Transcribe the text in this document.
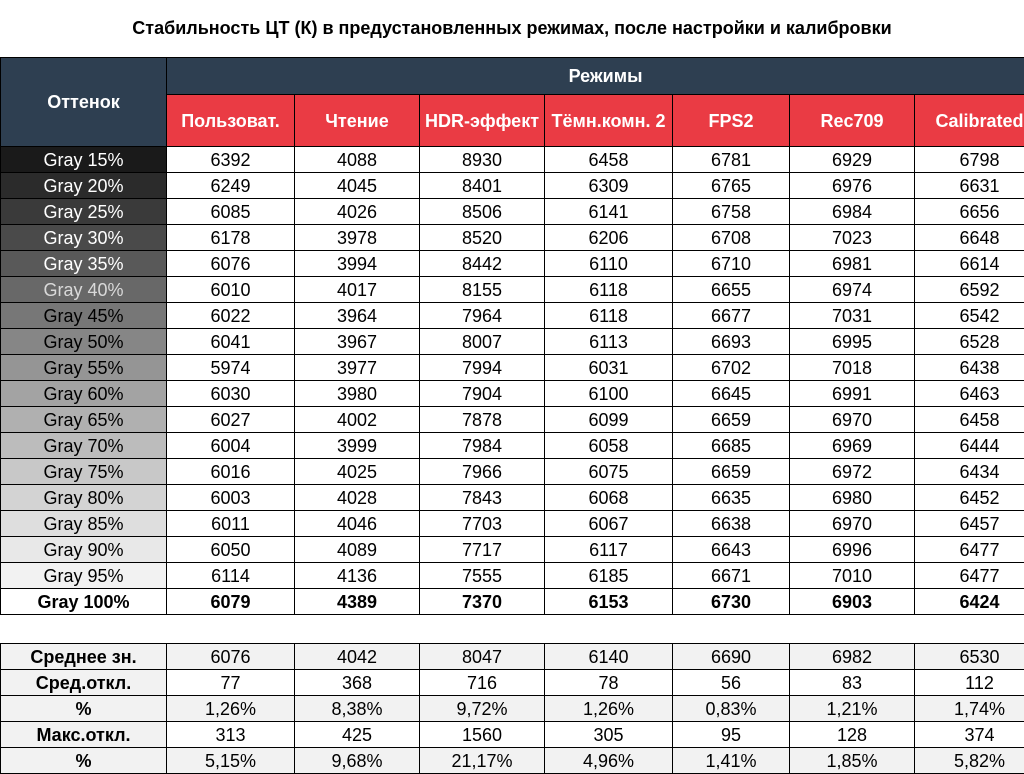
Стабильность ЦТ (К) в предустановленных режимах, после настройки и калибровки
Оттенок	Режимы						
	Пользоват.	Чтение	HDR-эффект	Тёмн.комн. 2	FPS2	Rec709	Calibrated
Gray 15%	6392	4088	8930	6458	6781	6929	6798
Gray 20%	6249	4045	8401	6309	6765	6976	6631
Gray 25%	6085	4026	8506	6141	6758	6984	6656
Gray 30%	6178	3978	8520	6206	6708	7023	6648
Gray 35%	6076	3994	8442	6110	6710	6981	6614
Gray 40%	6010	4017	8155	6118	6655	6974	6592
Gray 45%	6022	3964	7964	6118	6677	7031	6542
Gray 50%	6041	3967	8007	6113	6693	6995	6528
Gray 55%	5974	3977	7994	6031	6702	7018	6438
Gray 60%	6030	3980	7904	6100	6645	6991	6463
Gray 65%	6027	4002	7878	6099	6659	6970	6458
Gray 70%	6004	3999	7984	6058	6685	6969	6444
Gray 75%	6016	4025	7966	6075	6659	6972	6434
Gray 80%	6003	4028	7843	6068	6635	6980	6452
Gray 85%	6011	4046	7703	6067	6638	6970	6457
Gray 90%	6050	4089	7717	6117	6643	6996	6477
Gray 95%	6114	4136	7555	6185	6671	7010	6477
Gray 100%	6079	4389	7370	6153	6730	6903	6424

Среднее зн.	6076	4042	8047	6140	6690	6982	6530
Сред.откл.	77	368	716	78	56	83	112
%	1,26%	8,38%	9,72%	1,26%	0,83%	1,21%	1,74%
Макс.откл.	313	425	1560	305	95	128	374
%	5,15%	9,68%	21,17%	4,96%	1,41%	1,85%	5,82%
